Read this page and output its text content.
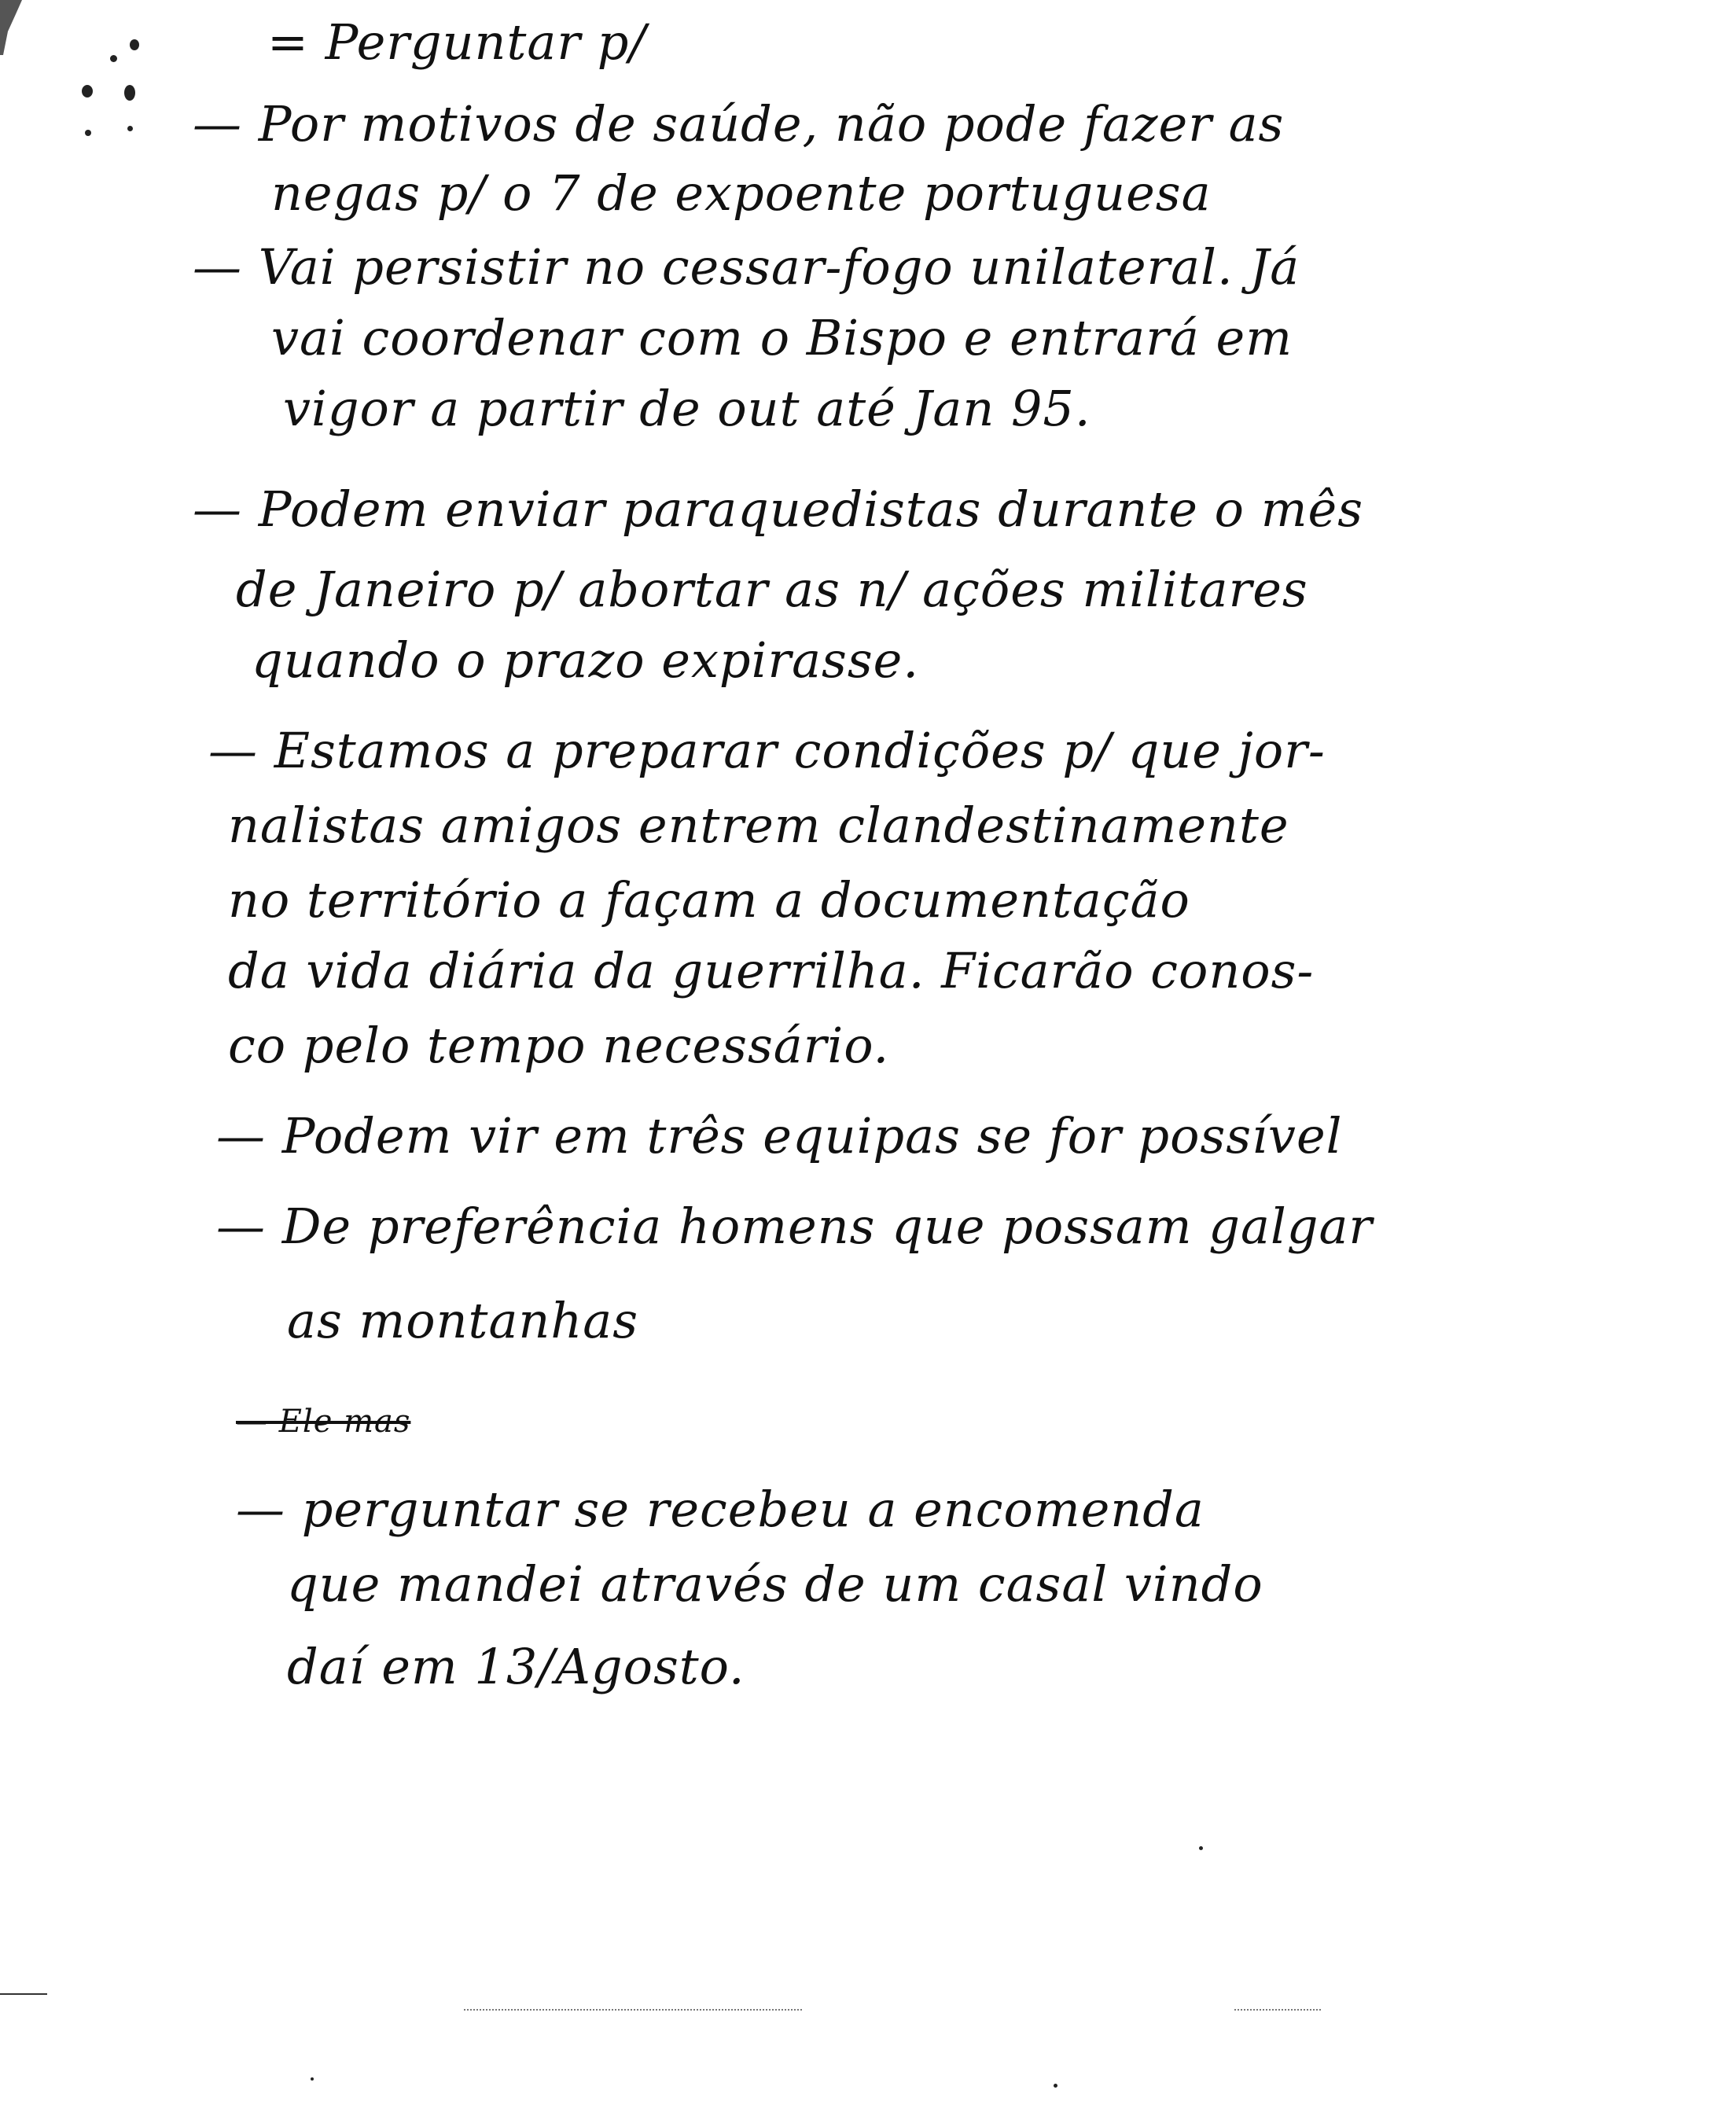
= Perguntar p/
— Por motivos de saúde, não pode fazer as
negas p/ o 7 de expoente portuguesa
— Vai persistir no cessar-fogo unilateral. Já
vai coordenar com o Bispo e entrará em
vigor a partir de out até Jan 95.
— Podem enviar paraquedistas durante o mês
de Janeiro p/ abortar as n/ ações militares
quando o prazo expirasse.
— Estamos a preparar condições p/ que jor-
nalistas amigos entrem clandestinamente
no território a façam a documentação
da vida diária da guerrilha. Ficarão conos-
co pelo tempo necessário.
— Podem vir em três equipas se for possível
— De preferência homens que possam galgar
as montanhas
— Ele mas
— perguntar se recebeu a encomenda
que mandei através de um casal vindo
daí em 13/Agosto.
